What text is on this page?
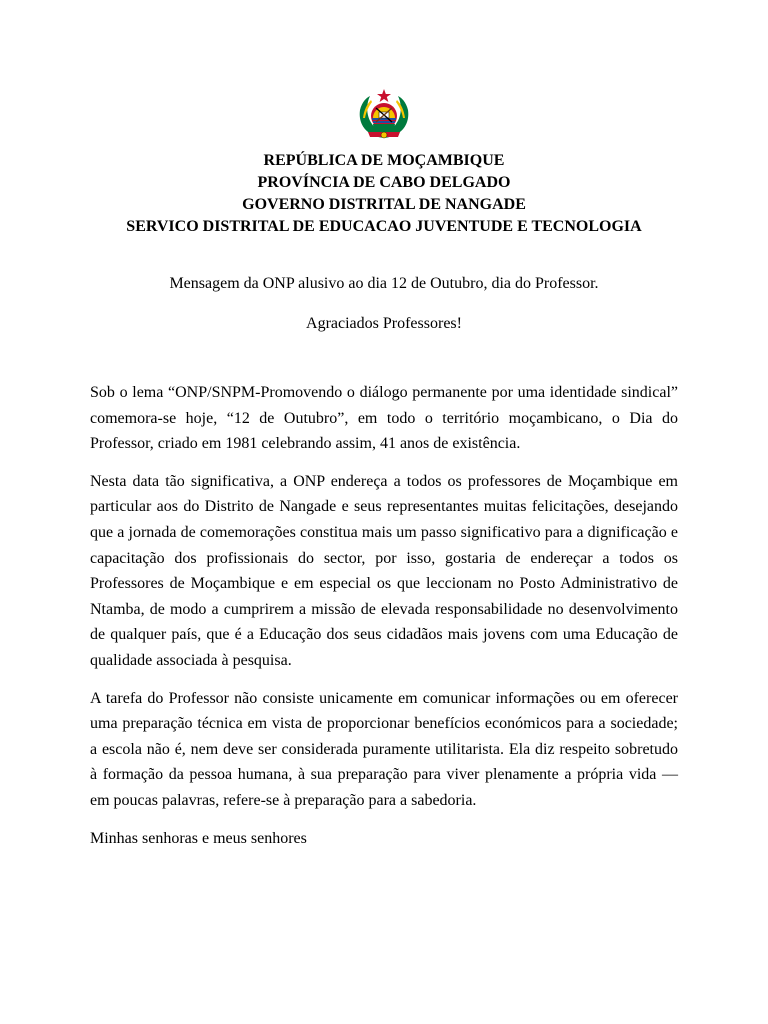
REPÚBLICA DE MOÇAMBIQUE
PROVÍNCIA DE CABO DELGADO
GOVERNO DISTRITAL DE NANGADE
SERVICO DISTRITAL DE EDUCACAO JUVENTUDE E TECNOLOGIA
Mensagem da ONP alusivo ao dia 12 de Outubro, dia do Professor.
Agraciados Professores!

Sob o lema “ONP/SNPM-Promovendo o diálogo permanente por uma identidade sindical” comemora-se hoje, “12 de Outubro”, em todo o território moçambicano, o Dia do Professor, criado em 1981 celebrando assim, 41 anos de existência.

Nesta data tão significativa, a ONP endereça a todos os professores de Moçambique em particular aos do Distrito de Nangade e seus representantes muitas felicitações, desejando que a jornada de comemorações constitua mais um passo significativo para a dignificação e capacitação dos profissionais do sector, por isso, gostaria de endereçar a todos os Professores de Moçambique e em especial os que leccionam no Posto Administrativo de Ntamba, de modo a cumprirem a missão de elevada responsabilidade no desenvolvimento de qualquer país, que é a Educação dos seus cidadãos mais jovens com uma Educação de qualidade associada à pesquisa.

A tarefa do Professor não consiste unicamente em comunicar informações ou em oferecer uma preparação técnica em vista de proporcionar benefícios económicos para a sociedade; a escola não é, nem deve ser considerada puramente utilitarista. Ela diz respeito sobretudo à formação da pessoa humana, à sua preparação para viver plenamente a própria vida — em poucas palavras, refere-se à preparação para a sabedoria.

Minhas senhoras e meus senhores
